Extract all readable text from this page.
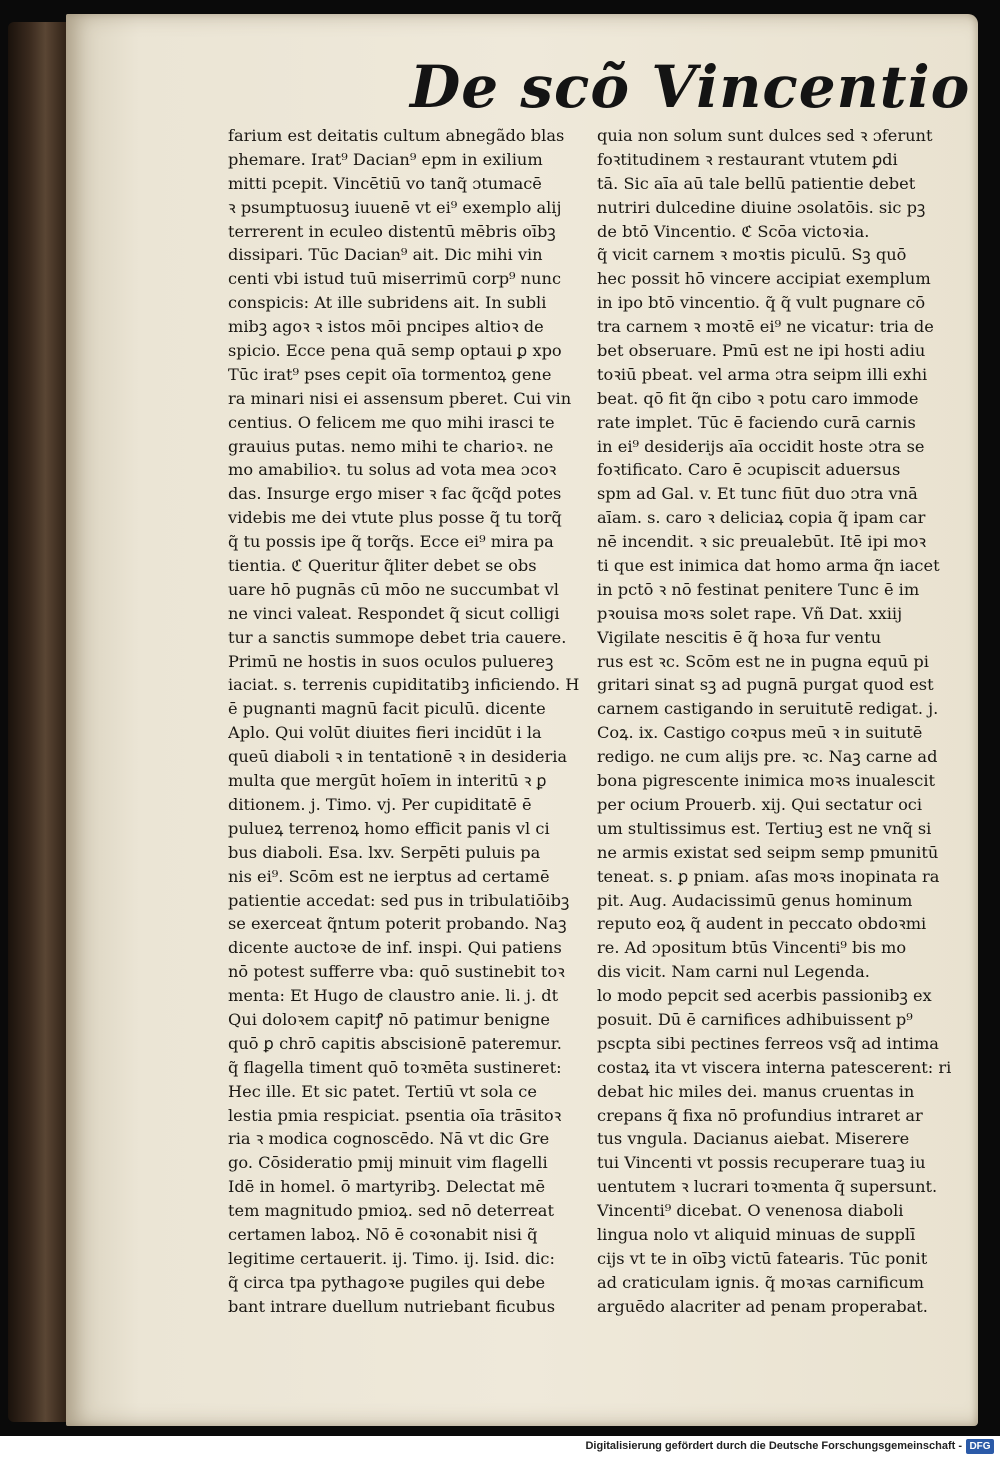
De scõ Vincentio
farium est deitatis cultum abnegãdo blas
phemare. Irat⁹ Dacian⁹ epm in exilium
mitti pcepit. Vincētiū vo tanq̃ ɔtumacē
ꝛ psumptuosuꝫ iuuenē vt ei⁹ exemplo alij
terrerent in eculeo distentū mēbris oībꝫ
dissipari. Tūc Dacian⁹ ait. Dic mihi vin
centi vbi istud tuū miserrimū corp⁹ nunc
conspicis: At ille subridens ait. In subli
mibꝫ agoꝛ ꝛ istos mōi pncipes altioꝛ de
spicio. Ecce pena quā semp optaui ꝑ xpo
Tūc irat⁹ pses cepit oīa tormentoꝝ gene
ra minari nisi ei assensum pberet. Cui vin
centius. O felicem me quo mihi irasci te
grauius putas. nemo mihi te charioꝛ. ne
mo amabilioꝛ. tu solus ad vota mea ɔcoꝛ
das. Insurge ergo miser ꝛ fac q̃cq̃d potes
videbis me dei vtute plus posse q̃ tu torq̃
q̃ tu possis ipe q̃ torq̃s. Ecce ei⁹ mira pa
tientia. ℭ Queritur q̃liter debet se obs
uare hō pugnās cū mōo ne succumbat vl
ne vinci valeat. Respondet q̃ sicut colligi
tur a sanctis summope debet tria cauere.
Primū ne hostis in suos oculos puluereꝫ
iaciat. s. terrenis cupiditatibꝫ inficiendo. H
ē pugnanti magnū facit piculū. dicente
Aplo. Qui volūt diuites fieri incidūt i la
queū diaboli ꝛ in tentationē ꝛ in desideria
multa que mergūt hoīem in interitū ꝛ ꝑ
ditionem. j. Timo. vj. Per cupiditatē ē
pulueꝝ terrenoꝝ homo efficit panis vl ci
bus diaboli. Esa. lxv. Serpēti puluis pa
nis ei⁹. Scōm est ne ierptus ad certamē
patientie accedat: sed pus in tribulatiōibꝫ
se exerceat q̃ntum poterit probando. Naꝫ
dicente auctoꝛe de inf. inspi. Qui patiens
nō potest sufferre vba: quō sustinebit toꝛ
menta: Et Hugo de claustro anie. li. j. dt
Qui doloꝛem capitꝭ nō patimur benigne
quō ꝑ chrō capitis abscisionē pateremur.
q̃ flagella timent quō toꝛmēta sustineret:
Hec ille. Et sic patet. Tertiū vt sola ce
lestia pmia respiciat. psentia oīa trāsitoꝛ
ria ꝛ modica cognoscēdo. Nā vt dic Gre
go. Cōsideratio pmij minuit vim flagelli
Idē in homel. ō martyribꝫ. Delectat mē
tem magnitudo pmioꝝ. sed nō deterreat
certamen laboꝝ. Nō ē coꝛonabit nisi q̃
legitime certauerit. ij. Timo. ij. Isid. dic:
q̃ circa tpa pythagoꝛe pugiles qui debe
bant intrare duellum nutriebant ficubus
quia non solum sunt dulces sed ꝛ ɔferunt
foꝛtitudinem ꝛ restaurant vtutem ꝑdi
tā. Sic aīa aū tale bellū patientie debet
nutriri dulcedine diuine ɔsolatōis. sic pꝫ
de btō Vincentio. ℭ Scōa victoꝛia.
q̃ vicit carnem ꝛ moꝛtis piculū. Sꝫ quō
hec possit hō vincere accipiat exemplum
in ipo btō vincentio. q̃ q̃ vult pugnare cō
tra carnem ꝛ moꝛtē ei⁹ ne vicatur: tria de
bet obseruare. Pmū est ne ipi hosti adiu
toꝛiū pbeat. vel arma ɔtra seipm illi exhi
beat. qō fit q̃n cibo ꝛ potu caro immode
rate implet. Tūc ē faciendo curā carnis
in ei⁹ desiderijs aīa occidit hoste ɔtra se
foꝛtificato. Caro ē ɔcupiscit aduersus
spm ad Gal. v. Et tunc fiūt duo ɔtra vnā
aīam. s. caro ꝛ deliciaꝝ copia q̃ ipam car
nē incendit. ꝛ sic preualebūt. Itē ipi moꝛ
ti que est inimica dat homo arma q̃n iacet
in pctō ꝛ nō festinat penitere Tunc ē im
pꝛouisa moꝛs solet rape. Vñ Dat. xxiij
Vigilate nescitis ē q̃ hoꝛa fur ventu
rus est ꝛc. Scōm est ne in pugna equū pi
gritari sinat sꝫ ad pugnā purgat quod est
carnem castigando in seruitutē redigat. j.
Coꝝ. ix. Castigo coꝛpus meū ꝛ in suitutē
redigo. ne cum alijs pre. ꝛc. Naꝫ carne ad
bona pigrescente inimica moꝛs inualescit
per ocium Prouerb. xij. Qui sectatur oci
um stultissimus est. Tertiuꝫ est ne vnq̃ si
ne armis existat sed seipm semp pmunitū
teneat. s. ꝑ pniam. aſas moꝛs inopinata ra
pit. Aug. Audacissimū genus hominum
reputo eoꝝ q̃ audent in peccato obdoꝛmi
re. Ad ɔpositum btūs Vincenti⁹ bis mo
dis vicit. Nam carni nul Legenda.
lo modo pepcit sed acerbis passionibꝫ ex
posuit. Dū ē carnifices adhibuissent p⁹
pscpta sibi pectines ferreos vsq̃ ad intima
costaꝝ ita vt viscera interna patescerent: ri
debat hic miles dei. manus cruentas in
crepans q̃ fixa nō profundius intraret ar
tus vngula. Dacianus aiebat. Miserere
tui Vincenti vt possis recuperare tuaꝫ iu
uentutem ꝛ lucrari toꝛmenta q̃ supersunt.
Vincenti⁹ dicebat. O venenosa diaboli
lingua nolo vt aliquid minuas de supplī
cijs vt te in oībꝫ victū fatearis. Tūc ponit
ad craticulam ignis. q̃ moꝛas carnificum
arguēdo alacriter ad penam properabat.
Digitalisierung gefördert durch die Deutsche Forschungsgemeinschaft - DFG
